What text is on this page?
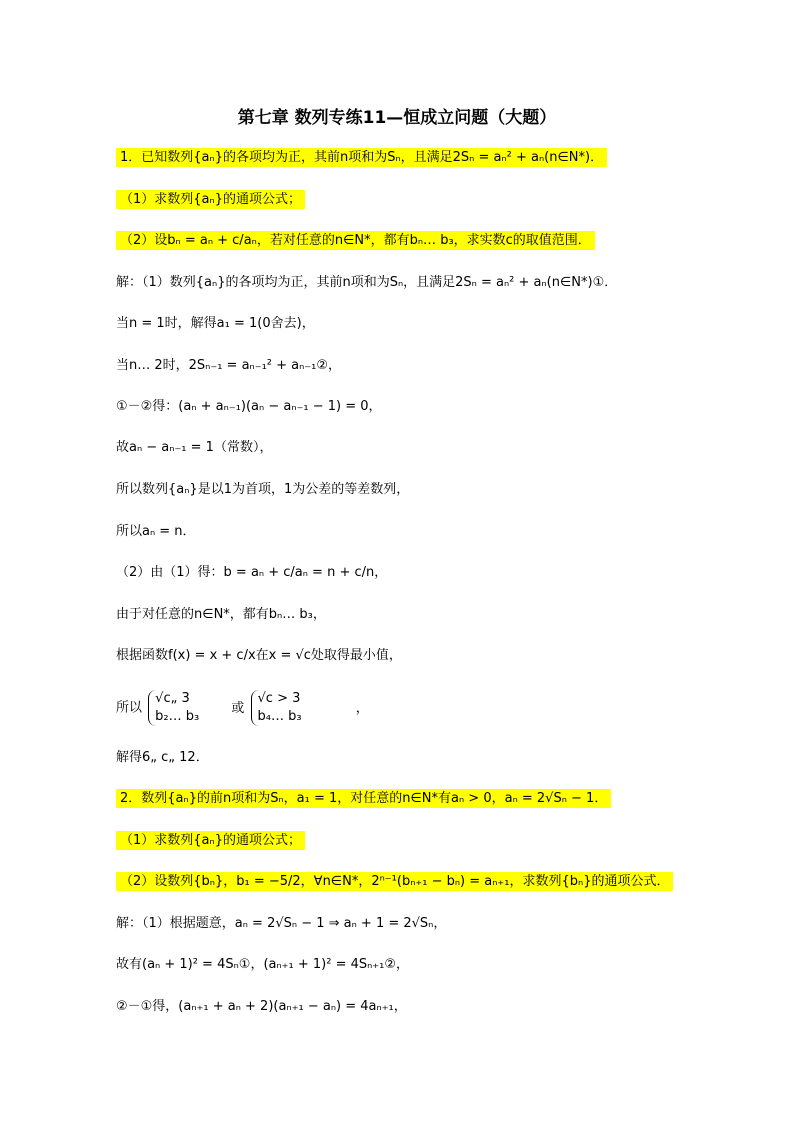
第七章 数列专练11—恒成立问题（大题）
1．已知数列{aₙ}的各项均为正，其前n项和为Sₙ，且满足2Sₙ = aₙ² + aₙ(n∈N*)．
（1）求数列{aₙ}的通项公式；
（2）设bₙ = aₙ + c/aₙ，若对任意的n∈N*，都有bₙ… b₃，求实数c的取值范围．
解：（1）数列{aₙ}的各项均为正，其前n项和为Sₙ，且满足2Sₙ = aₙ² + aₙ(n∈N*)①．
当n = 1时，解得a₁ = 1(0舍去)，
当n… 2时，2Sₙ₋₁ = aₙ₋₁² + aₙ₋₁②，
①－②得：(aₙ + aₙ₋₁)(aₙ − aₙ₋₁ − 1) = 0，
故aₙ − aₙ₋₁ = 1（常数），
所以数列{aₙ}是以1为首项，1为公差的等差数列，
所以aₙ = n．
（2）由（1）得：b = aₙ + c/aₙ = n + c/n，
由于对任意的n∈N*，都有bₙ… b₃，
根据函数f(x) = x + c/x在x = √c处取得最小值，
所以 √c„ 3
b₂… b₃ 或 √c > 3
b₄… b₃ ，
解得6„ c„ 12．
2．数列{aₙ}的前n项和为Sₙ，a₁ = 1，对任意的n∈N*有aₙ > 0，aₙ = 2√Sₙ − 1．
（1）求数列{aₙ}的通项公式；
（2）设数列{bₙ}，b₁ = −5/2，∀n∈N*，2ⁿ⁻¹(bₙ₊₁ − bₙ) = aₙ₊₁，求数列{bₙ}的通项公式．
解：（1）根据题意，aₙ = 2√Sₙ − 1 ⇒ aₙ + 1 = 2√Sₙ，
故有(aₙ + 1)² = 4Sₙ①，(aₙ₊₁ + 1)² = 4Sₙ₊₁②，
②－①得，(aₙ₊₁ + aₙ + 2)(aₙ₊₁ − aₙ) = 4aₙ₊₁，
